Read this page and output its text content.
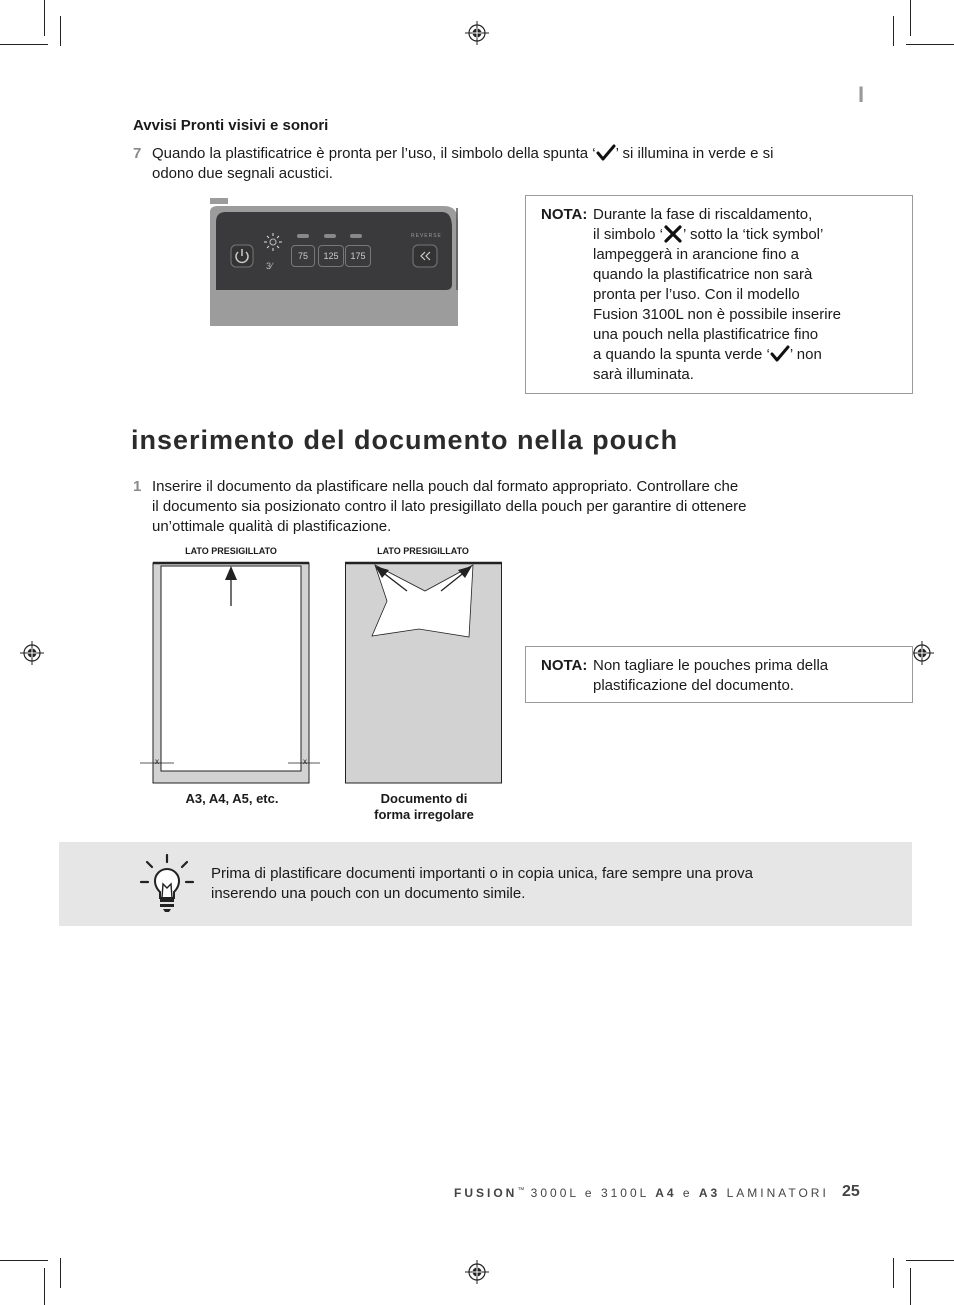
I
Avvisi Pronti visivi e sonori
7 Quando la plastificatrice è pronta per l’uso, il simbolo della spunta ‘ ’ si illumina in verde e si
odono due segnali acustici.
3⁄
75	125	175
REVERSE
NOTA: Durante la fase di riscaldamento,
il simbolo ‘ ’ sotto la ‘tick symbol’
lampeggerà in arancione fino a
quando la plastificatrice non sarà
pronta per l’uso. Con il modello
Fusion 3100L non è possibile inserire
una pouch nella plastificatrice fino
a quando la spunta verde ‘ ’ non
sarà illuminata.
inserimento del documento nella pouch
1 Inserire il documento da plastificare nella pouch dal formato appropriato. Controllare che
il documento sia posizionato contro il lato presigillato della pouch per garantire di ottenere
un’ottimale qualità di plastificazione.
LATO PRESIGILLATO	LATO PRESIGILLATO
x	x
A3, A4, A5, etc.	Documento di
forma irregolare
NOTA: Non tagliare le pouches prima della
plastificazione del documento.
Prima di plastificare documenti importanti o in copia unica, fare sempre una prova
inserendo una pouch con un documento simile.
FUSION™ 3000L e 3100L A4 e A3 LAMINATORI 25
